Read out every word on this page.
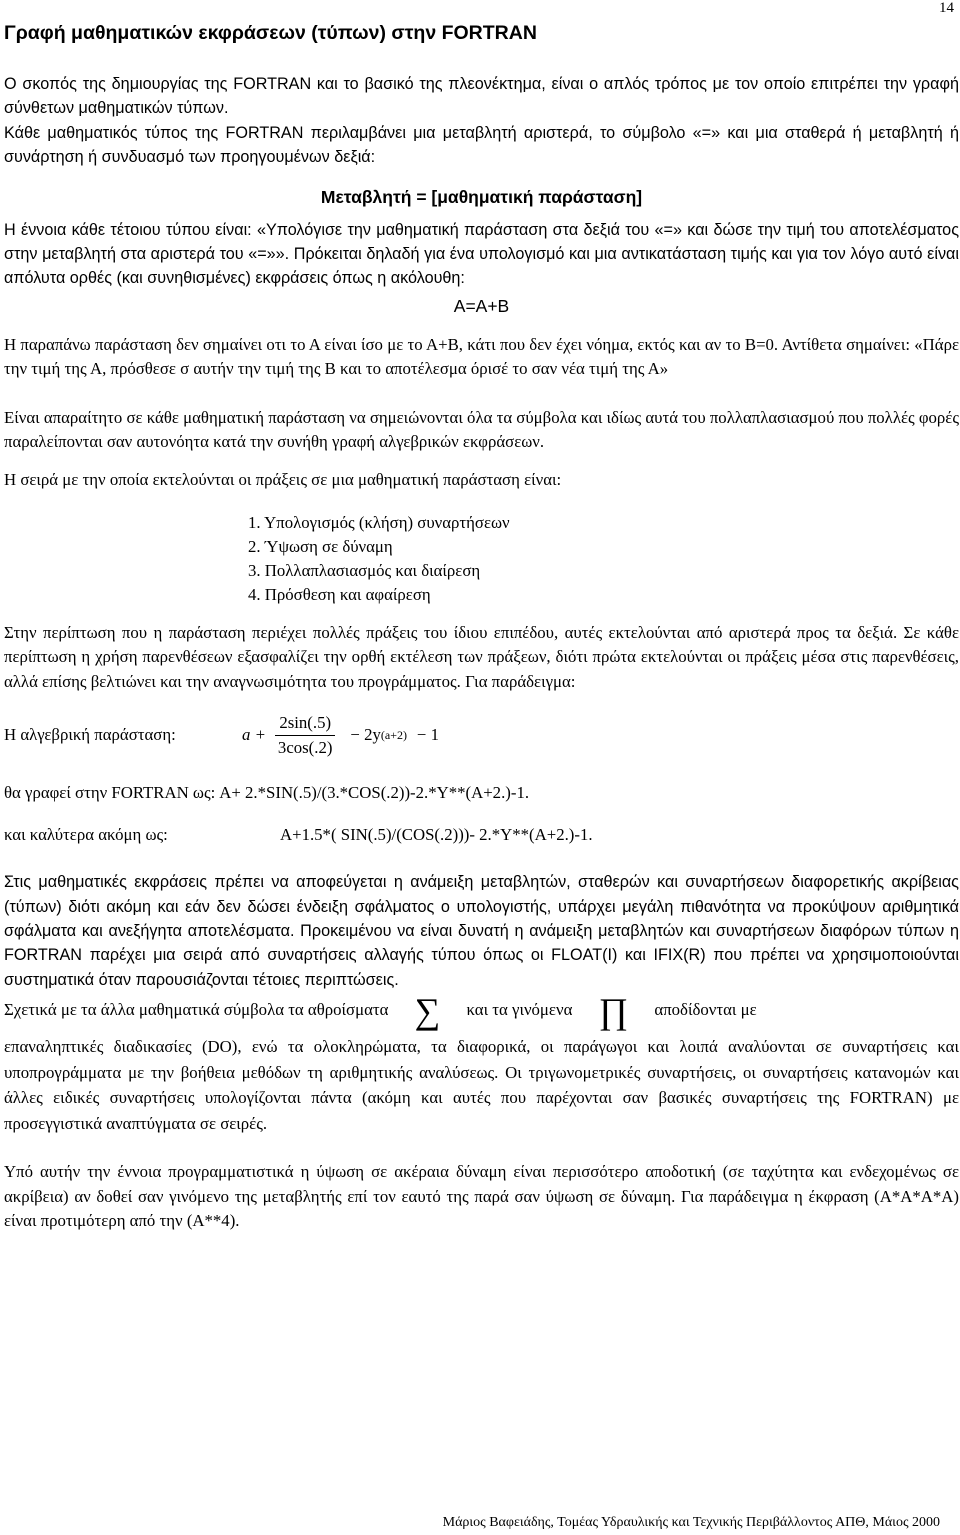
14
Γραφή μαθηματικών εκφράσεων (τύπων) στην FORTRAN

Ο σκοπός της δημιουργίας της FORTRAN και το βασικό της πλεονέκτημα, είναι ο απλός τρόπος με τον οποίο επιτρέπει την γραφή σύνθετων μαθηματικών τύπων.

Κάθε μαθηματικός τύπος της FORTRAN περιλαμβάνει μια μεταβλητή αριστερά, το σύμβολο «=» και μια σταθερά ή μεταβλητή ή συνάρτηση ή συνδυασμό των προηγουμένων δεξιά:

Μεταβλητή = [μαθηματική παράσταση]

Η έννοια κάθε τέτοιου τύπου είναι: «Υπολόγισε την μαθηματική παράσταση στα δεξιά του «=» και δώσε την τιμή του αποτελέσματος στην μεταβλητή στα αριστερά του «=»». Πρόκειται δηλαδή για ένα υπολογισμό και μια αντικατάσταση τιμής και για τον λόγο αυτό είναι απόλυτα ορθές (και συνηθισμένες) εκφράσεις όπως η ακόλουθη:

A=A+B

Η παραπάνω παράσταση δεν σημαίνει οτι το Α είναι ίσο με το Α+Β, κάτι που δεν έχει νόημα, εκτός και αν το Β=0. Αντίθετα σημαίνει: «Πάρε την τιμή της Α, πρόσθεσε σ αυτήν την τιμή της Β και το αποτέλεσμα όρισέ το σαν νέα τιμή της Α»

Είναι απαραίτητο σε κάθε μαθηματική παράσταση να σημειώνονται όλα τα σύμβολα και ιδίως αυτά του πολλαπλασιασμού που πολλές φορές παραλείπονται σαν αυτονόητα κατά την συνήθη γραφή αλγεβρικών εκφράσεων.

Η σειρά με την οποία εκτελούνται οι πράξεις σε μια μαθηματική παράσταση είναι:

1. Υπολογισμός (κλήση) συναρτήσεων
2. Ύψωση σε δύναμη
3. Πολλαπλασιασμός και διαίρεση
4. Πρόσθεση και αφαίρεση

Στην περίπτωση που η παράσταση περιέχει πολλές πράξεις του ίδιου επιπέδου, αυτές εκτελούνται από αριστερά προς τα δεξιά. Σε κάθε περίπτωση η χρήση παρενθέσεων εξασφαλίζει την ορθή εκτέλεση των πράξεων, διότι πρώτα εκτελούνται οι πράξεις μέσα στις παρενθέσεις, αλλά επίσης βελτιώνει και την αναγνωσιμότητα του προγράμματος. Για παράδειγμα:

Η αλγεβρική παράσταση:	$a + \frac{2\sin(.5)}{3\cos(.2)} - 2y$ (a+2) − 1
θα γραφεί στην FORTRAN ως: A+ 2.*SIN(.5)/(3.*COS(.2))-2.*Y**(A+2.)-1.
και καλύτερα ακόμη ως:	A+1.5*( SIN(.5)/(COS(.2)))- 2.*Y**(A+2.)-1.

Στις μαθηματικές εκφράσεις πρέπει να αποφεύγεται η ανάμειξη μεταβλητών, σταθερών και συναρτήσεων διαφορετικής ακρίβειας (τύπων) διότι ακόμη και εάν δεν δώσει ένδειξη σφάλματος ο υπολογιστής, υπάρχει μεγάλη πιθανότητα να προκύψουν αριθμητικά σφάλματα και ανεξήγητα αποτελέσματα. Προκειμένου να είναι δυνατή η ανάμειξη μεταβλητών και συναρτήσεων διαφόρων τύπων η FORTRAN παρέχει μια σειρά από συναρτήσεις αλλαγής τύπου όπως οι FLOAT(I) και IFIX(R) που πρέπει να χρησιμοποιούνται συστηματικά όταν παρουσιάζονται τέτοιες περιπτώσεις.

Σχετικά με τα άλλα μαθηματικά σύμβολα τα αθροίσματα ∑ και τα γινόμενα ∏ αποδίδονται με

επαναληπτικές διαδικασίες (DO), ενώ τα ολοκληρώματα, τα διαφορικά, οι παράγωγοι και λοιπά αναλύονται σε συναρτήσεις και υποπρογράμματα με την βοήθεια μεθόδων τη αριθμητικής αναλύσεως. Οι τριγωνομετρικές συναρτήσεις, οι συναρτήσεις κατανομών και άλλες ειδικές συναρτήσεις υπολογίζονται πάντα (ακόμη και αυτές που παρέχονται σαν βασικές συναρτήσεις της FORTRAN) με προσεγγιστικά αναπτύγματα σε σειρές.

Υπό αυτήν την έννοια προγραμματιστικά η ύψωση σε ακέραια δύναμη είναι περισσότερο αποδοτική (σε ταχύτητα και ενδεχομένως σε ακρίβεια) αν δοθεί σαν γινόμενο της μεταβλητής επί τον εαυτό της παρά σαν ύψωση σε δύναμη. Για παράδειγμα η έκφραση (Α*Α*Α*Α) είναι προτιμότερη από την (Α**4).

Μάριος Βαφειάδης, Τομέας Υδραυλικής και Τεχνικής Περιβάλλοντος ΑΠΘ, Μάιος 2000
